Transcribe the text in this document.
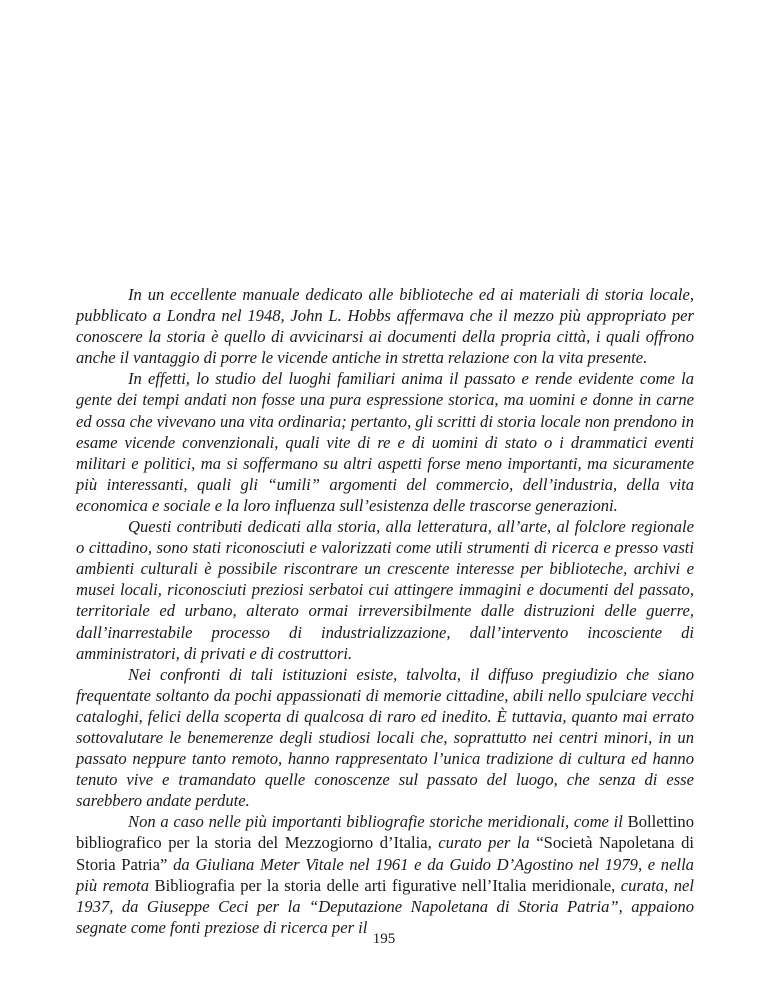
In un eccellente manuale dedicato alle biblioteche ed ai materiali di storia locale, pubblicato a Londra nel 1948, John L. Hobbs affermava che il mezzo più appropriato per conoscere la storia è quello di avvicinarsi ai documenti della propria città, i quali offrono anche il vantaggio di porre le vicende antiche in stretta relazione con la vita presente.

In effetti, lo studio del luoghi familiari anima il passato e rende evidente come la gente dei tempi andati non fosse una pura espressione storica, ma uomini e donne in carne ed ossa che vivevano una vita ordinaria; pertanto, gli scritti di storia locale non prendono in esame vicende convenzionali, quali vite di re e di uomini di stato o i drammatici eventi militari e politici, ma si soffermano su altri aspetti forse meno importanti, ma sicuramente più interessanti, quali gli “umili” argomenti del commercio, dell’industria, della vita economica e sociale e la loro influenza sull’esistenza delle trascorse generazioni.

Questi contributi dedicati alla storia, alla letteratura, all’arte, al folclore regionale o cittadino, sono stati riconosciuti e valorizzati come utili strumenti di ricerca e presso vasti ambienti culturali è possibile riscontrare un crescente interesse per biblioteche, archivi e musei locali, riconosciuti preziosi serbatoi cui attingere immagini e documenti del passato, territoriale ed urbano, alterato ormai irreversibilmente dalle distruzioni delle guerre, dall’inarrestabile processo di industrializzazione, dall’intervento incosciente di amministratori, di privati e di costruttori.

Nei confronti di tali istituzioni esiste, talvolta, il diffuso pregiudizio che siano frequentate soltanto da pochi appassionati di memorie cittadine, abili nello spulciare vecchi cataloghi, felici della scoperta di qualcosa di raro ed inedito. È tuttavia, quanto mai errato sottovalutare le benemerenze degli studiosi locali che, soprattutto nei centri minori, in un passato neppure tanto remoto, hanno rappresentato l’unica tradizione di cultura ed hanno tenuto vive e tramandato quelle conoscenze sul passato del luogo, che senza di esse sarebbero andate perdute.

Non a caso nelle più importanti bibliografie storiche meridionali, come il Bollettino bibliografico per la storia del Mezzogiorno d’Italia, curato per la “Società Napoletana di Storia Patria” da Giuliana Meter Vitale nel 1961 e da Guido D’Agostino nel 1979, e nella più remota Bibliografia per la storia delle arti figurative nell’Italia meridionale, curata, nel 1937, da Giuseppe Ceci per la “Deputazione Napoletana di Storia Patria”, appaiono segnate come fonti preziose di ricerca per il

195
